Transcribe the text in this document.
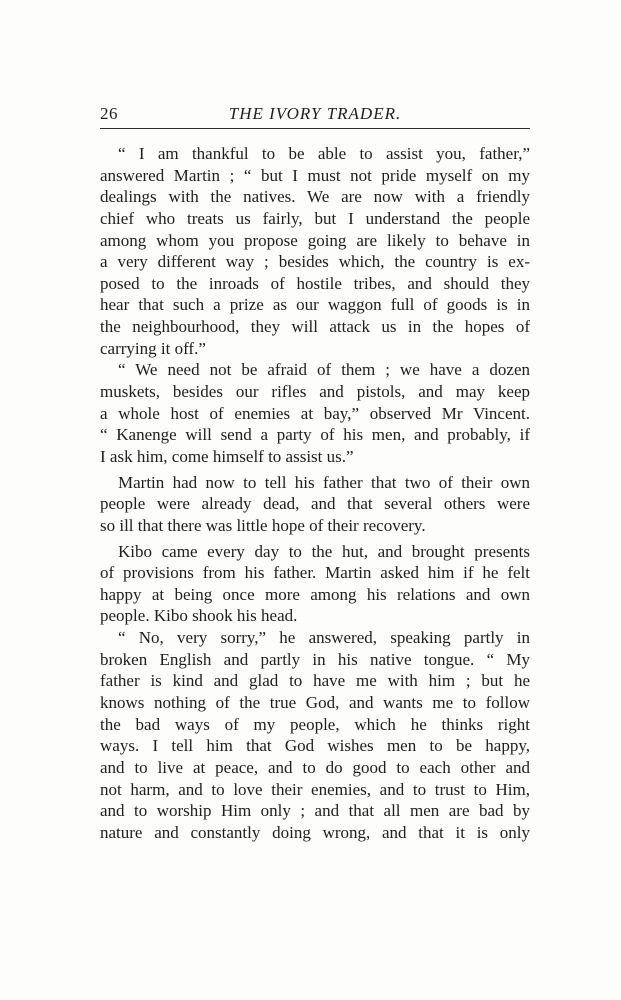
26	THE IVORY TRADER.
“ I am thankful to be able to assist you, father,”
answered Martin ; “ but I must not pride myself on my
dealings with the natives. We are now with a friendly
chief who treats us fairly, but I understand the people
among whom you propose going are likely to behave in
a very different way ; besides which, the country is ex-
posed to the inroads of hostile tribes, and should they
hear that such a prize as our waggon full of goods is in
the neighbourhood, they will attack us in the hopes of
carrying it off.”
“ We need not be afraid of them ; we have a dozen
muskets, besides our rifles and pistols, and may keep
a whole host of enemies at bay,” observed Mr Vincent.
“ Kanenge will send a party of his men, and probably, if
I ask him, come himself to assist us.”
Martin had now to tell his father that two of their own
people were already dead, and that several others were
so ill that there was little hope of their recovery.
Kibo came every day to the hut, and brought presents
of provisions from his father. Martin asked him if he felt
happy at being once more among his relations and own
people. Kibo shook his head.
“ No, very sorry,” he answered, speaking partly in
broken English and partly in his native tongue. “ My
father is kind and glad to have me with him ; but he
knows nothing of the true God, and wants me to follow
the bad ways of my people, which he thinks right
ways. I tell him that God wishes men to be happy,
and to live at peace, and to do good to each other and
not harm, and to love their enemies, and to trust to Him,
and to worship Him only ; and that all men are bad by
nature and constantly doing wrong, and that it is only
